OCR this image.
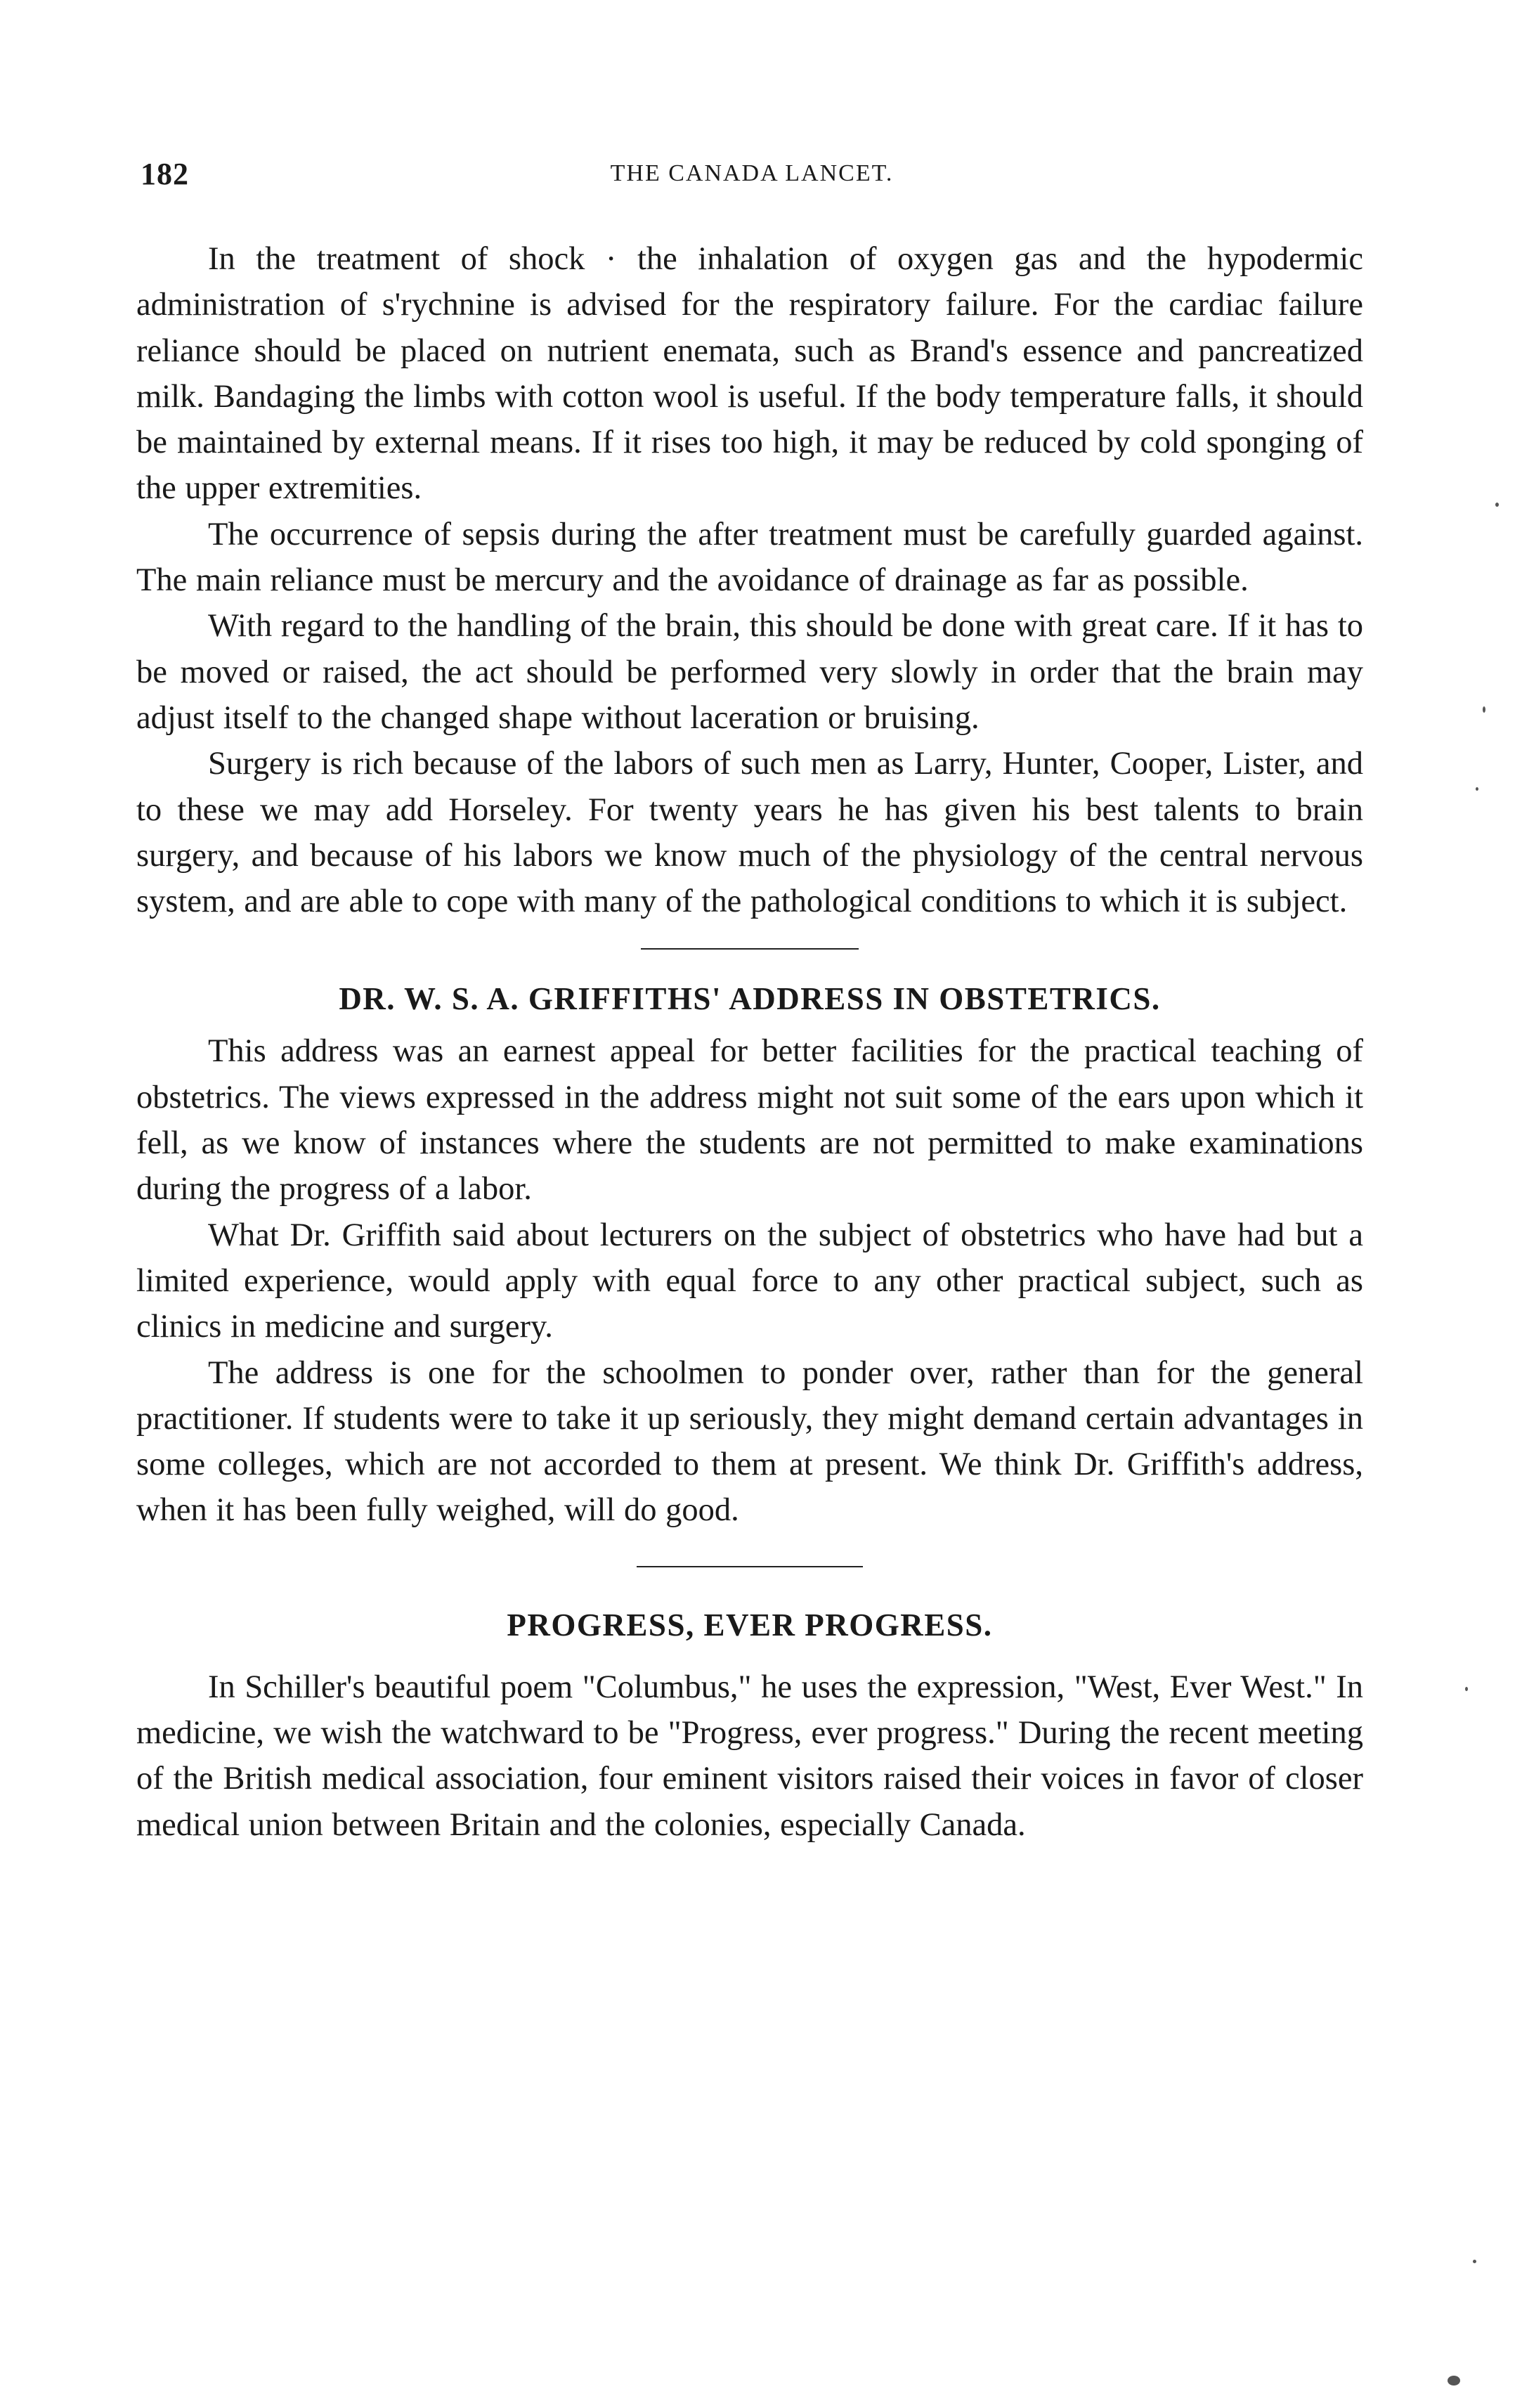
182	THE CANADA LANCET.

In the treatment of shock · the inhalation of oxygen gas and the hypodermic administration of s'rychnine is advised for the respiratory failure. For the cardiac failure reliance should be placed on nutrient enemata, such as Brand's essence and pancreatized milk. Bandaging the limbs with cotton wool is useful. If the body temperature falls, it should be maintained by external means. If it rises too high, it may be reduced by cold sponging of the upper extremities.

The occurrence of sepsis during the after treatment must be carefully guarded against. The main reliance must be mercury and the avoidance of drainage as far as possible.

With regard to the handling of the brain, this should be done with great care. If it has to be moved or raised, the act should be performed very slowly in order that the brain may adjust itself to the changed shape without laceration or bruising.

Surgery is rich because of the labors of such men as Larry, Hunter, Cooper, Lister, and to these we may add Horseley. For twenty years he has given his best talents to brain surgery, and because of his labors we know much of the physiology of the central nervous system, and are able to cope with many of the pathological conditions to which it is subject.

DR. W. S. A. GRIFFITHS' ADDRESS IN OBSTETRICS.

This address was an earnest appeal for better facilities for the practical teaching of obstetrics. The views expressed in the address might not suit some of the ears upon which it fell, as we know of instances where the students are not permitted to make examinations during the progress of a labor.

What Dr. Griffith said about lecturers on the subject of obstetrics who have had but a limited experience, would apply with equal force to any other practical subject, such as clinics in medicine and surgery.

The address is one for the schoolmen to ponder over, rather than for the general practitioner. If students were to take it up seriously, they might demand certain advantages in some colleges, which are not accorded to them at present. We think Dr. Griffith's address, when it has been fully weighed, will do good.

PROGRESS, EVER PROGRESS.

In Schiller's beautiful poem "Columbus," he uses the expression, "West, Ever West." In medicine, we wish the watchward to be "Progress, ever progress." During the recent meeting of the British medical association, four eminent visitors raised their voices in favor of closer medical union between Britain and the colonies, especially Canada.
